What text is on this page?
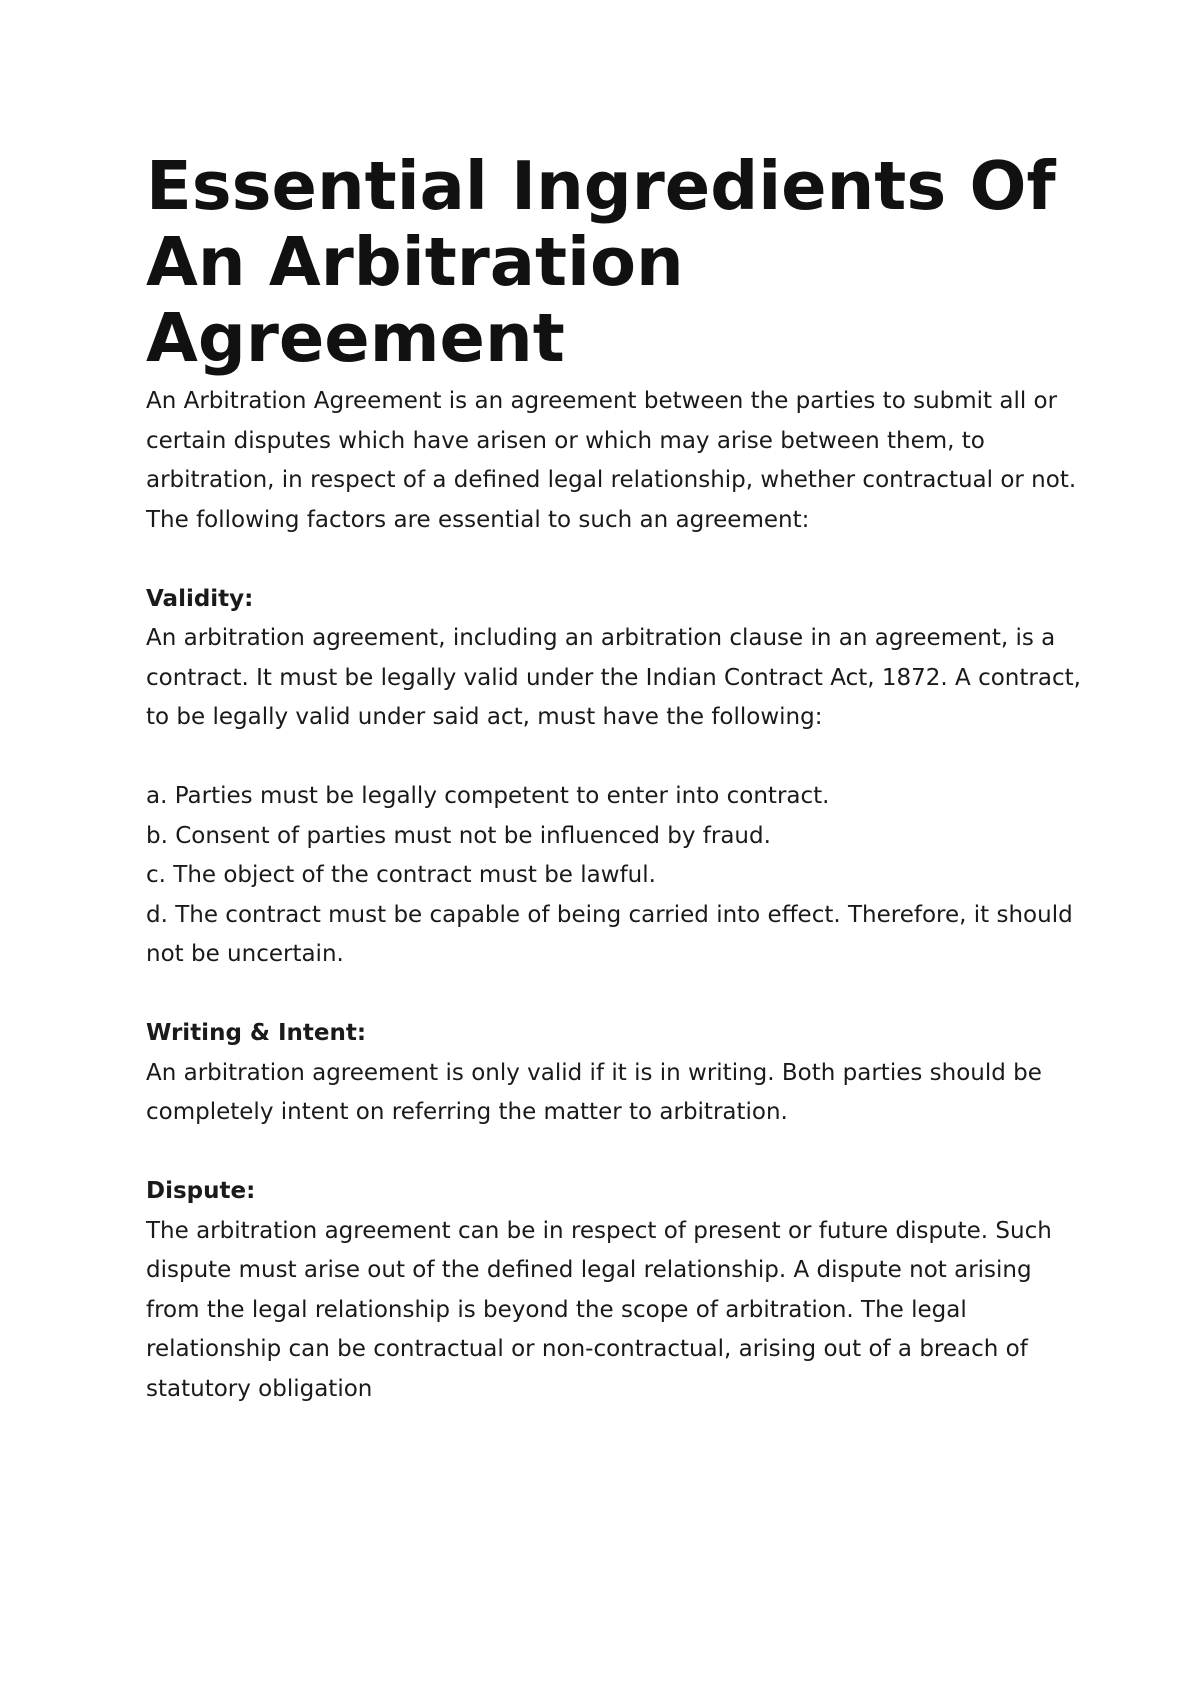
Essential Ingredients Of An Arbitration Agreement

An Arbitration Agreement is an agreement between the parties to submit all or certain disputes which have arisen or which may arise between them, to arbitration, in respect of a defined legal relationship, whether contractual or not. The following factors are essential to such an agreement:

Validity:

An arbitration agreement, including an arbitration clause in an agreement, is a contract. It must be legally valid under the Indian Contract Act, 1872. A contract, to be legally valid under said act, must have the following:

a. Parties must be legally competent to enter into contract.
b. Consent of parties must not be influenced by fraud.
c. The object of the contract must be lawful.
d. The contract must be capable of being carried into effect. Therefore, it should not be uncertain.

Writing & Intent:

An arbitration agreement is only valid if it is in writing. Both parties should be completely intent on referring the matter to arbitration.

Dispute:

The arbitration agreement can be in respect of present or future dispute. Such dispute must arise out of the defined legal relationship. A dispute not arising from the legal relationship is beyond the scope of arbitration. The legal relationship can be contractual or non-contractual, arising out of a breach of statutory obligation
